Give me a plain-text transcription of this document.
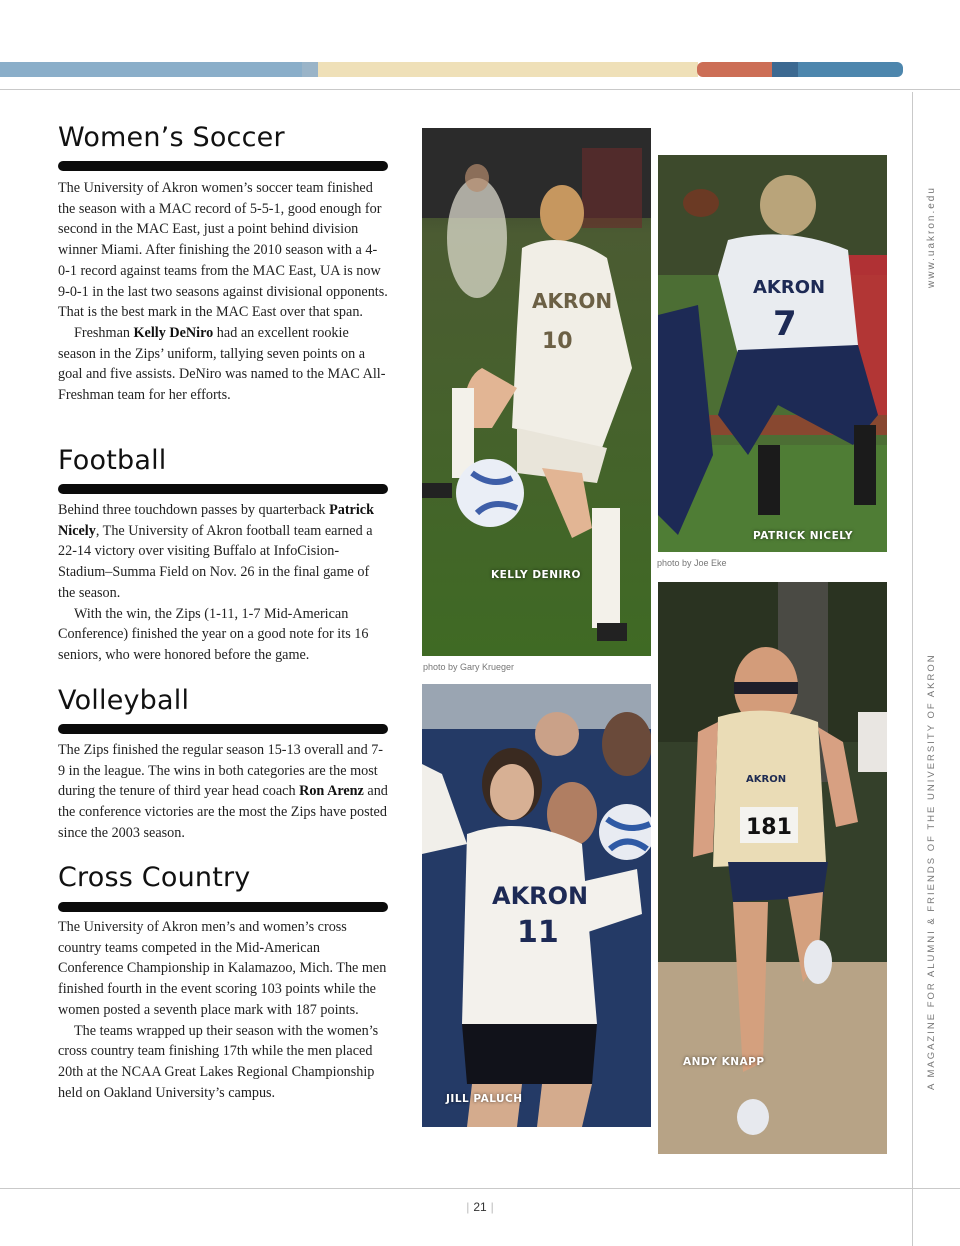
Women’s Soccer

The University of Akron women’s soccer team finished the season with a MAC record of 5-5-1, good enough for second in the MAC East, just a point behind division winner Miami. After finishing the 2010 season with a 4-0-1 record against teams from the MAC East, UA is now 9-0-1 in the last two seasons against divisional opponents. That is the best mark in the MAC East over that span.

Freshman Kelly DeNiro had an excellent rookie season in the Zips’ uniform, tallying seven points on a goal and five assists. DeNiro was named to the MAC All-Freshman team for her efforts.

Football

Behind three touchdown passes by quarterback Patrick Nicely, The University of Akron football team earned a 22-14 victory over visiting Buffalo at InfoCision-Stadium–Summa Field on Nov. 26 in the final game of the season.

With the win, the Zips (1-11, 1-7 Mid-American Conference) finished the year on a good note for its 16 seniors, who were honored before the game.

Volleyball

The Zips finished the regular season 15-13 overall and 7-9 in the league. The wins in both categories are the most during the tenure of third year head coach Ron Arenz and the conference victories are the most the Zips have posted since the 2003 season.

Cross Country

The University of Akron men’s and women’s cross country teams competed in the Mid-American Conference Championship in Kalamazoo, Mich. The men finished fourth in the event scoring 103 points while the women posted a seventh place mark with 187 points.

The teams wrapped up their season with the women’s cross country team finishing 17th while the men placed 20th at the NCAA Great Lakes Regional Championship held on Oakland University’s campus.

AKRON
10
KELLY DENIRO
photo by Gary Krueger
AKRON
7
PATRICK NICELY
photo by Joe Eke
AKRON
11
JILL PALUCH
AKRON
181
ANDY KNAPP
www.uakron.edu
A MAGAZINE FOR ALUMNI & FRIENDS OF THE UNIVERSITY OF AKRON
| 21 |
